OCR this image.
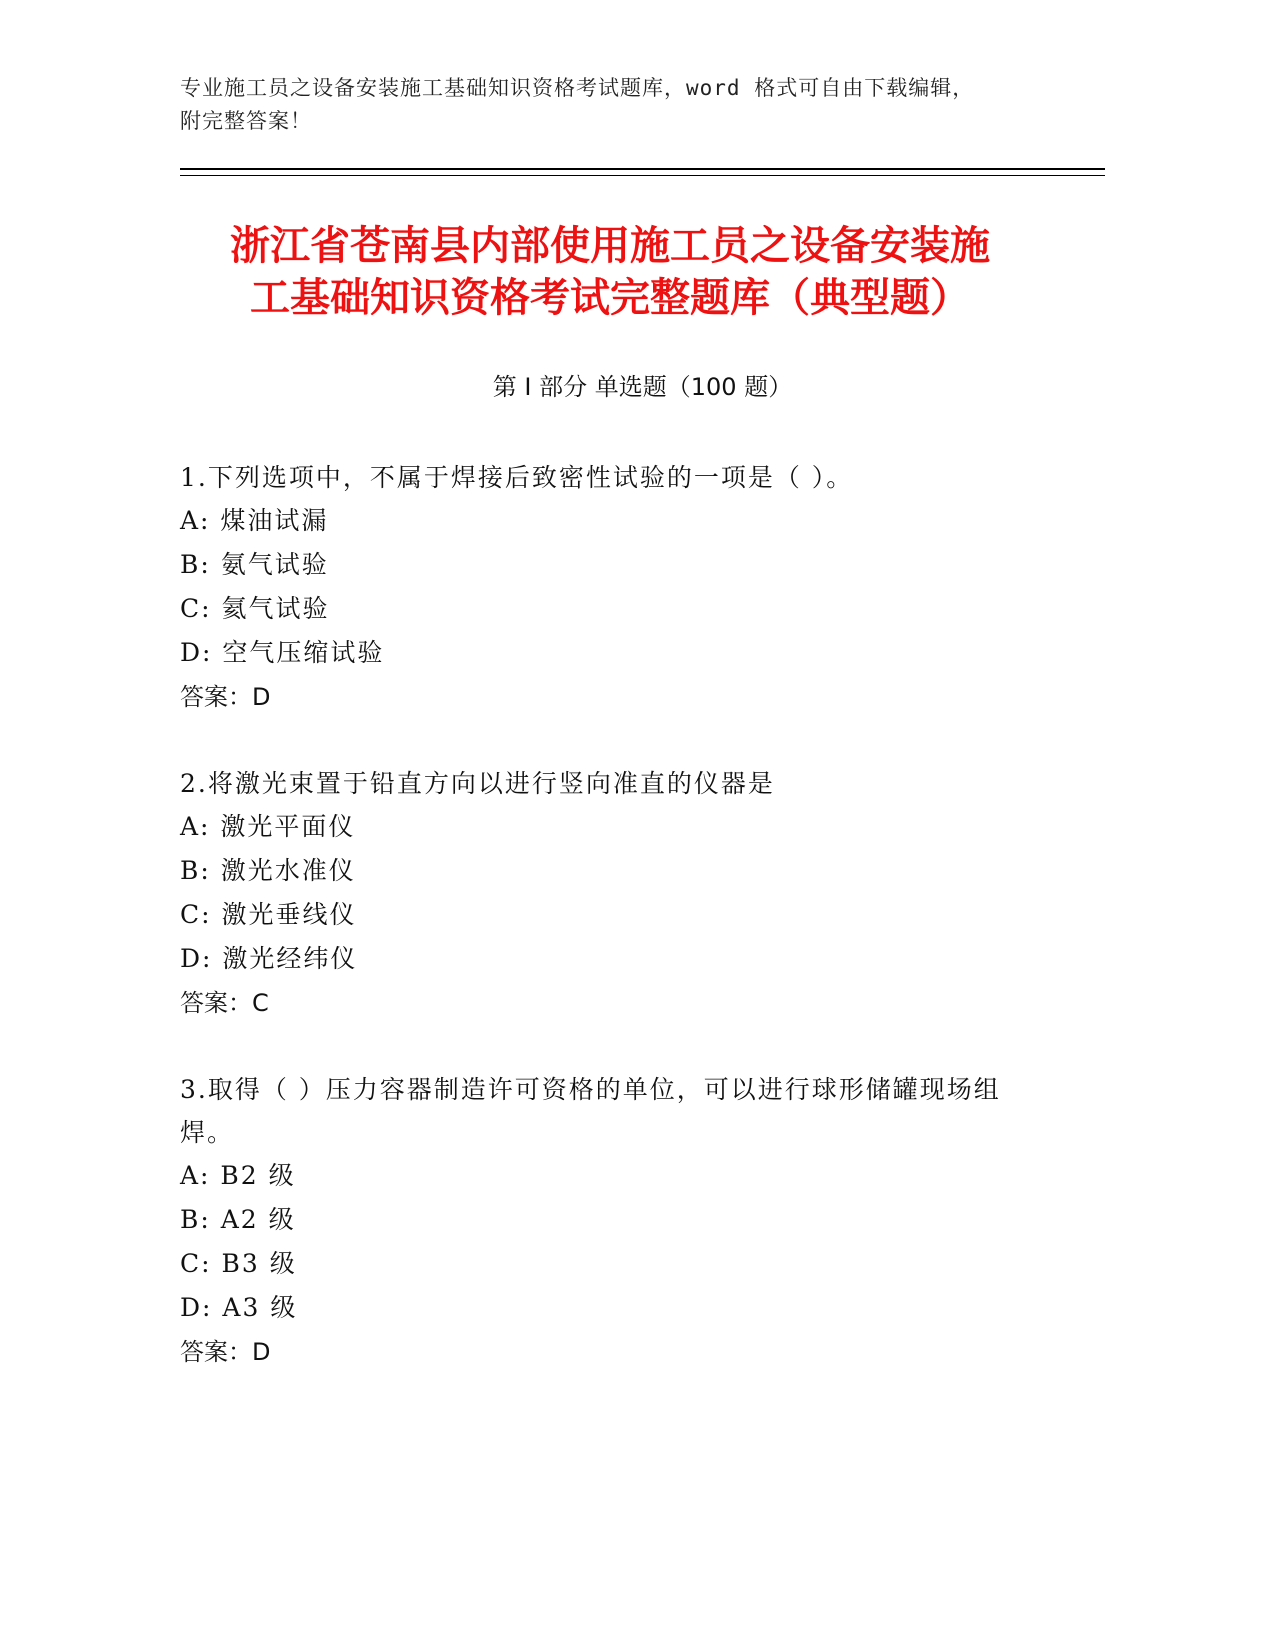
专业施工员之设备安装施工基础知识资格考试题库，word 格式可自由下载编辑，
附完整答案！
浙江省苍南县内部使用施工员之设备安装施
工基础知识资格考试完整题库（典型题）
第 I 部分 单选题（100 题）
1.下列选项中，不属于焊接后致密性试验的一项是（ ）。
A: 煤油试漏
B: 氨气试验
C: 氦气试验
D: 空气压缩试验
答案：D
2.将激光束置于铅直方向以进行竖向准直的仪器是
A: 激光平面仪
B: 激光水准仪
C: 激光垂线仪
D: 激光经纬仪
答案：C
3.取得（ ）压力容器制造许可资格的单位，可以进行球形储罐现场组焊。
A: B2 级
B: A2 级
C: B3 级
D: A3 级
答案：D
